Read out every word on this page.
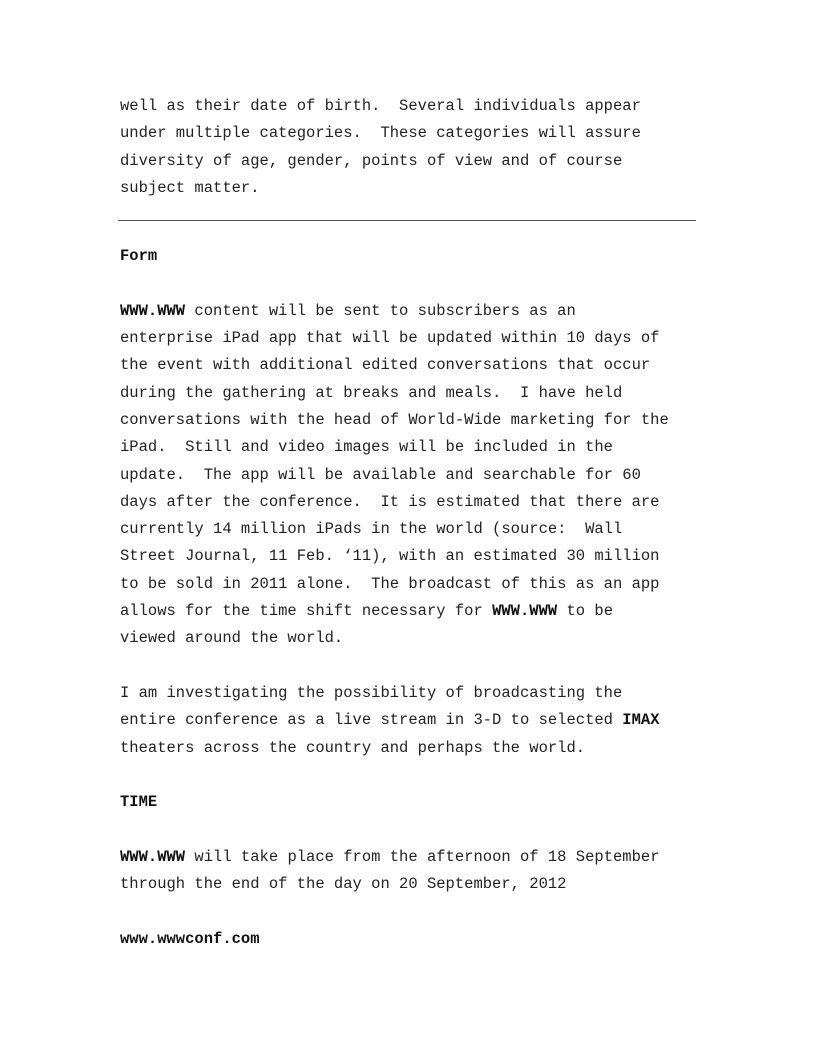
well as their date of birth.  Several individuals appear
under multiple categories.  These categories will assure
diversity of age, gender, points of view and of course
subject matter.
Form
WWW.WWW content will be sent to subscribers as an
enterprise iPad app that will be updated within 10 days of
the event with additional edited conversations that occur
during the gathering at breaks and meals.  I have held
conversations with the head of World-Wide marketing for the
iPad.  Still and video images will be included in the
update.  The app will be available and searchable for 60
days after the conference.  It is estimated that there are
currently 14 million iPads in the world (source:  Wall
Street Journal, 11 Feb. ‘11), with an estimated 30 million
to be sold in 2011 alone.  The broadcast of this as an app
allows for the time shift necessary for WWW.WWW to be
viewed around the world.
I am investigating the possibility of broadcasting the
entire conference as a live stream in 3-D to selected IMAX
theaters across the country and perhaps the world.
TIME
WWW.WWW will take place from the afternoon of 18 September
through the end of the day on 20 September, 2012
www.wwwconf.com
